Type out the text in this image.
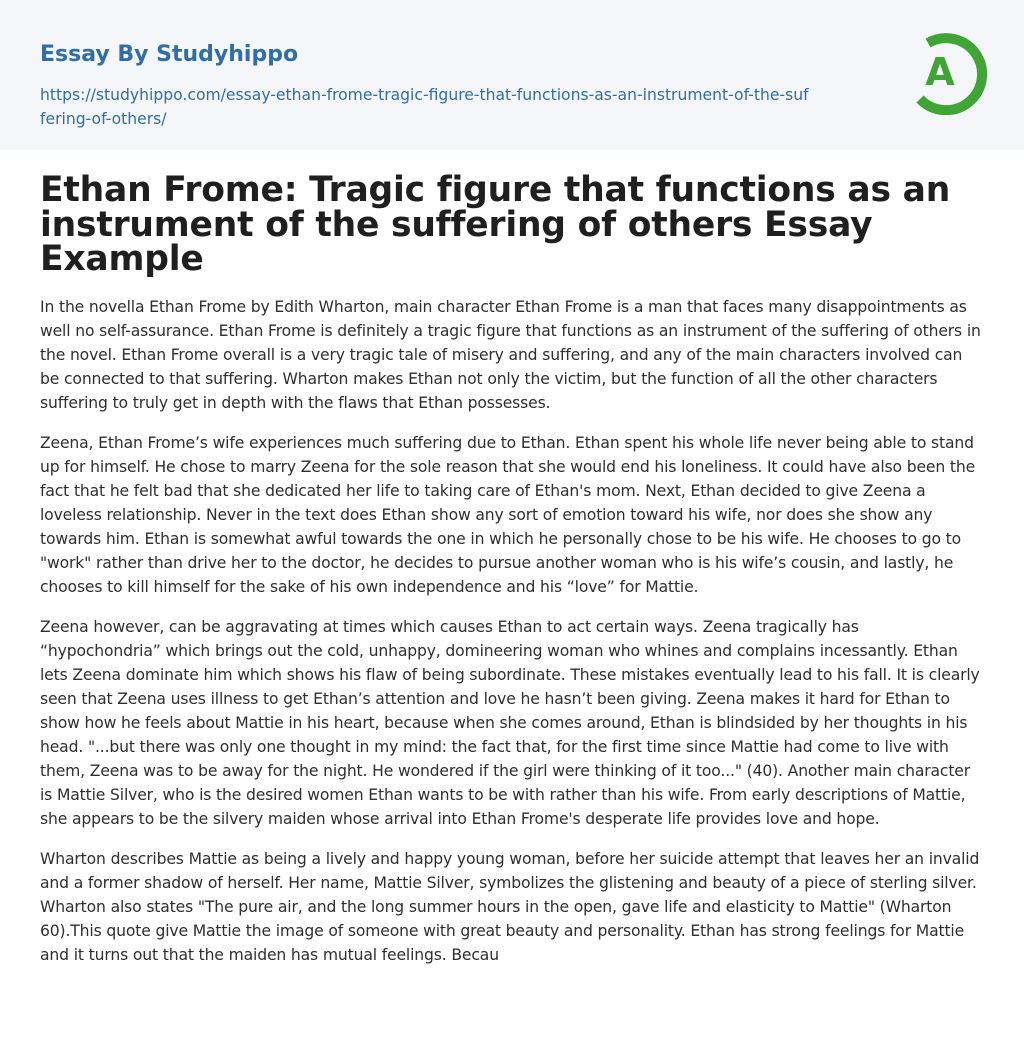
Essay By Studyhippo
https://studyhippo.com/essay-ethan-frome-tragic-figure-that-functions-as-an-instrument-of-the-suffering-of-others/
A
Ethan Frome: Tragic figure that functions as an instrument of the suffering of others Essay Example

In the novella Ethan Frome by Edith Wharton, main character Ethan Frome is a man that faces many disappointments as well no self-assurance. Ethan Frome is definitely a tragic figure that functions as an instrument of the suffering of others in the novel. Ethan Frome overall is a very tragic tale of misery and suffering, and any of the main characters involved can be connected to that suffering. Wharton makes Ethan not only the victim, but the function of all the other characters suffering to truly get in depth with the flaws that Ethan possesses.

Zeena, Ethan Frome’s wife experiences much suffering due to Ethan. Ethan spent his whole life never being able to stand up for himself. He chose to marry Zeena for the sole reason that she would end his loneliness. It could have also been the fact that he felt bad that she dedicated her life to taking care of Ethan's mom. Next, Ethan decided to give Zeena a loveless relationship. Never in the text does Ethan show any sort of emotion toward his wife, nor does she show any towards him. Ethan is somewhat awful towards the one in which he personally chose to be his wife. He chooses to go to "work" rather than drive her to the doctor, he decides to pursue another woman who is his wife’s cousin, and lastly, he chooses to kill himself for the sake of his own independence and his “love” for Mattie.

Zeena however, can be aggravating at times which causes Ethan to act certain ways. Zeena tragically has “hypochondria” which brings out the cold, unhappy, domineering woman who whines and complains incessantly. Ethan lets Zeena dominate him which shows his flaw of being subordinate. These mistakes eventually lead to his fall. It is clearly seen that Zeena uses illness to get Ethan’s attention and love he hasn’t been giving. Zeena makes it hard for Ethan to show how he feels about Mattie in his heart, because when she comes around, Ethan is blindsided by her thoughts in his head. "...but there was only one thought in my mind: the fact that, for the first time since Mattie had come to live with them, Zeena was to be away for the night. He wondered if the girl were thinking of it too..." (40). Another main character is Mattie Silver, who is the desired women Ethan wants to be with rather than his wife. From early descriptions of Mattie, she appears to be the silvery maiden whose arrival into Ethan Frome's desperate life provides love and hope.

Wharton describes Mattie as being a lively and happy young woman, before her suicide attempt that leaves her an invalid and a former shadow of herself. Her name, Mattie Silver, symbolizes the glistening and beauty of a piece of sterling silver. Wharton also states "The pure air, and the long summer hours in the open, gave life and elasticity to Mattie" (Wharton 60).This quote give Mattie the image of someone with great beauty and personality. Ethan has strong feelings for Mattie and it turns out that the maiden has mutual feelings. Becau
